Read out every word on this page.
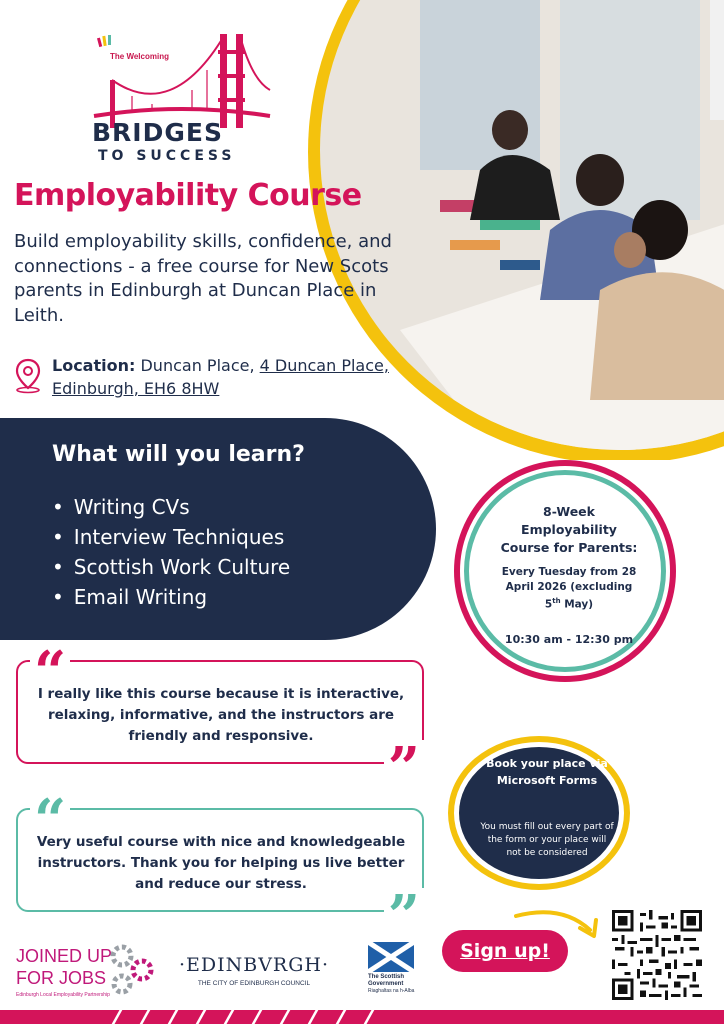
The Welcoming
BRIDGES
TO SUCCESS
Employability Course

Build employability skills, confidence, and connections - a free course for New Scots parents in Edinburgh at Duncan Place in Leith.

Location: Duncan Place, 4 Duncan Place,
Edinburgh, EH6 8HW
What will you learn?
• Writing CVs
• Interview Techniques
• Scottish Work Culture
• Email Writing
8-Week Employability Course for Parents:
Every Tuesday from 28 April 2026 (excluding 5th May)
10:30 am - 12:30 pm
“

I really like this course because it is interactive, relaxing, informative, and the instructors are friendly and responsive.	”
“

Very useful course with nice and knowledgeable instructors. Thank you for helping us live better and reduce our stress.	”
Book your place via Microsoft Forms
You must fill out every part of the form or your place will not be considered
JOINED UP
FOR JOBS
Edinburgh Local Employability Partnership
·EDINBVRGH·
THE CITY OF EDINBURGH COUNCIL
The Scottish
Government
Riaghaltas na h-Alba
Sign up!
